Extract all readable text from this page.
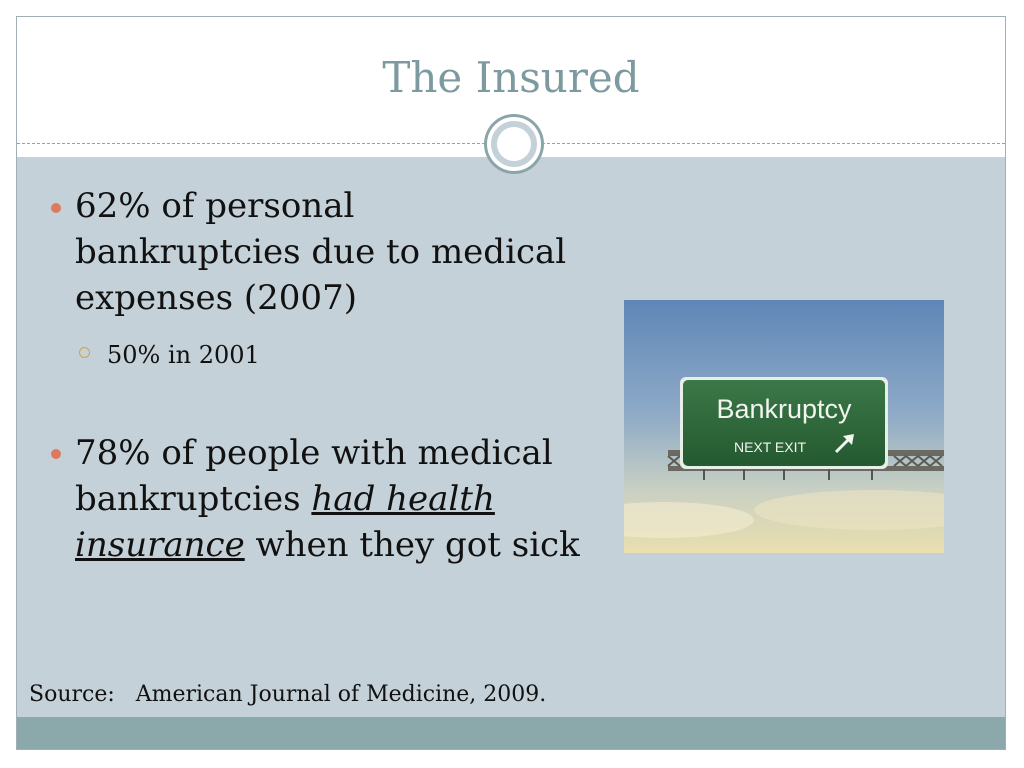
The Insured
62% of personal bankruptcies due to medical expenses (2007)
50% in 2001
78% of people with medical bankruptcies had health insurance when they got sick
Bankruptcy
NEXT EXIT
Source:   American Journal of Medicine, 2009.
